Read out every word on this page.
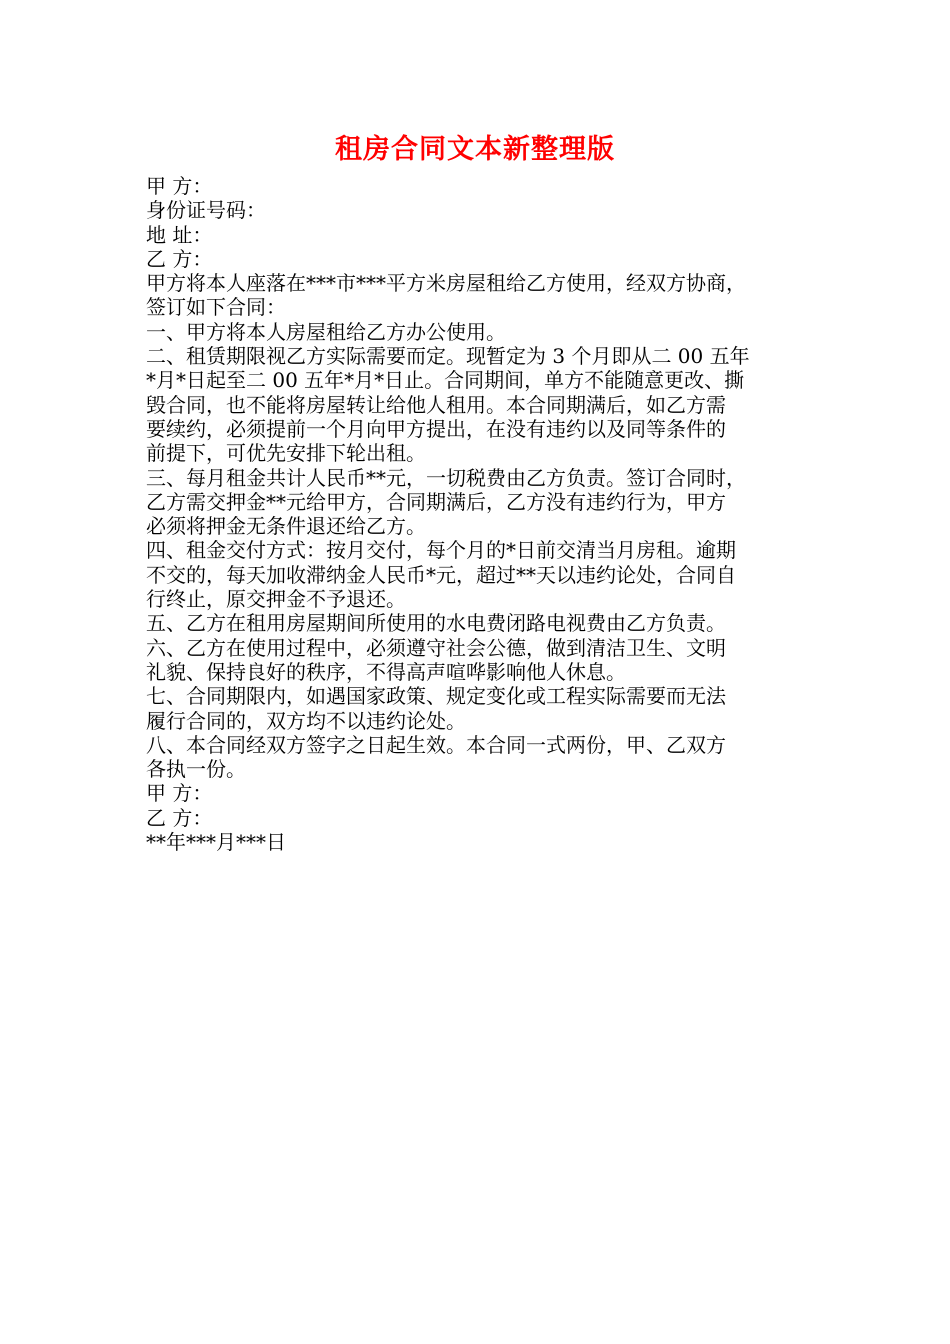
租房合同文本新整理版
甲 方：
身份证号码：
地 址：
乙 方：
甲方将本人座落在***市***平方米房屋租给乙方使用，经双方协商，
签订如下合同：
一、甲方将本人房屋租给乙方办公使用。
二、租赁期限视乙方实际需要而定。现暂定为 3 个月即从二 00 五年
*月*日起至二 00 五年*月*日止。合同期间，单方不能随意更改、撕
毁合同，也不能将房屋转让给他人租用。本合同期满后，如乙方需
要续约，必须提前一个月向甲方提出，在没有违约以及同等条件的
前提下，可优先安排下轮出租。
三、每月租金共计人民币**元，一切税费由乙方负责。签订合同时，
乙方需交押金**元给甲方，合同期满后，乙方没有违约行为，甲方
必须将押金无条件退还给乙方。
四、租金交付方式：按月交付，每个月的*日前交清当月房租。逾期
不交的，每天加收滞纳金人民币*元，超过**天以违约论处，合同自
行终止，原交押金不予退还。
五、乙方在租用房屋期间所使用的水电费闭路电视费由乙方负责。
六、乙方在使用过程中，必须遵守社会公德，做到清洁卫生、文明
礼貌、保持良好的秩序，不得高声喧哗影响他人休息。
七、合同期限内，如遇国家政策、规定变化或工程实际需要而无法
履行合同的，双方均不以违约论处。
八、本合同经双方签字之日起生效。本合同一式两份，甲、乙双方
各执一份。
甲 方：
乙 方：
**年***月***日
